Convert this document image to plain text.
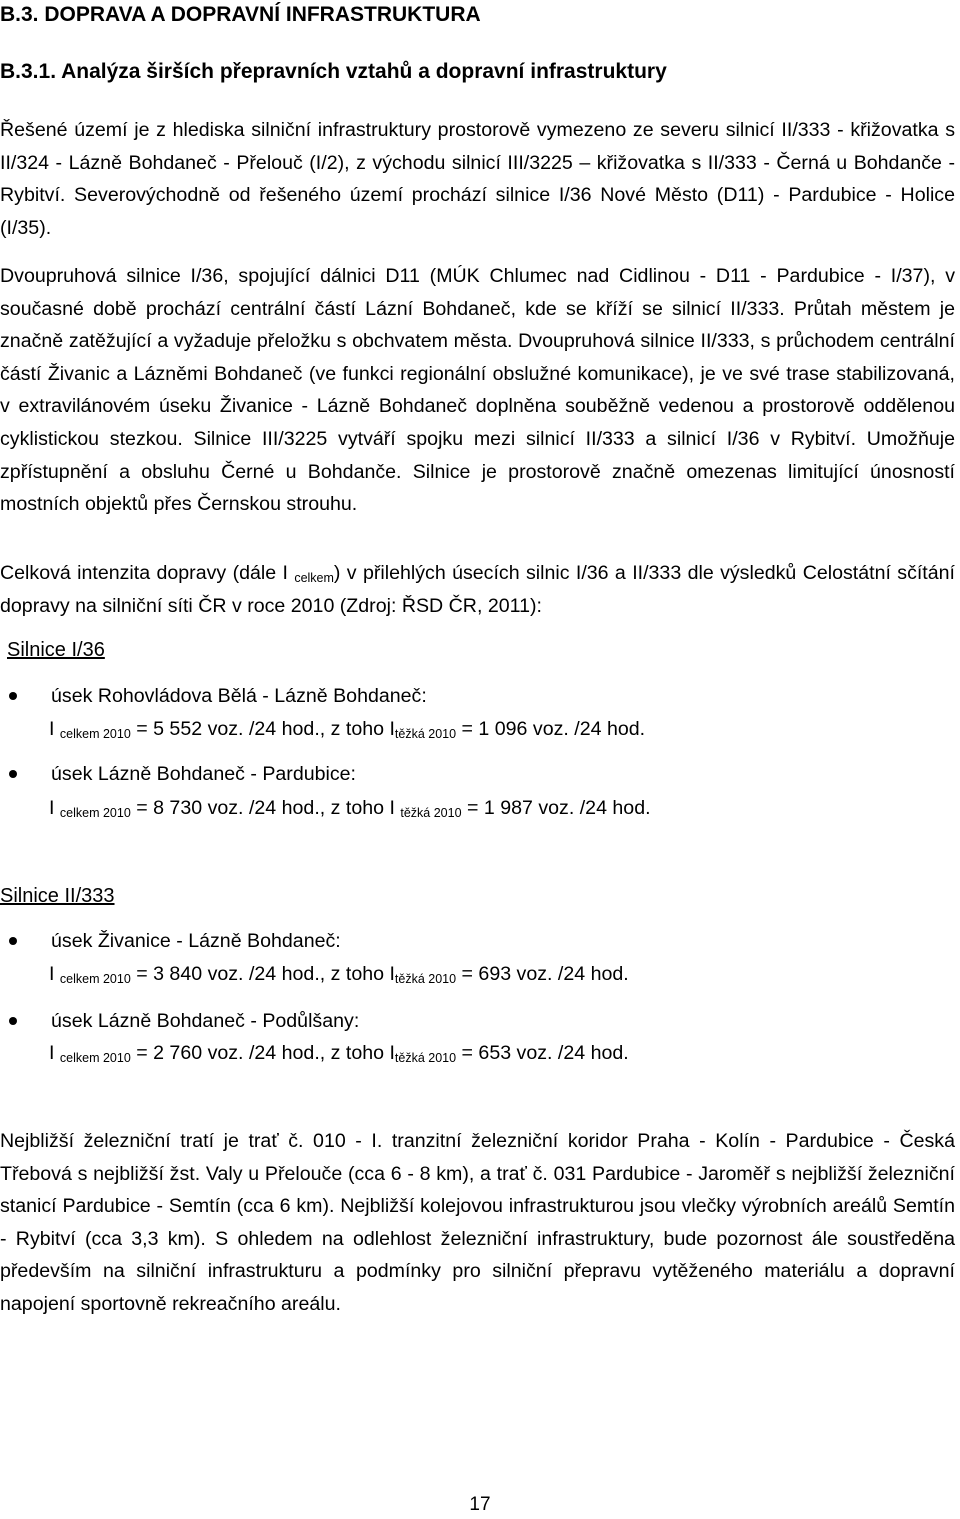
B.3. DOPRAVA A DOPRAVNÍ INFRASTRUKTURA
B.3.1. Analýza širších přepravních vztahů a dopravní infrastruktury

Řešené území je z hlediska silniční infrastruktury prostorově vymezeno ze severu silnicí II/333 - křižovatka s II/324 - Lázně Bohdaneč - Přelouč (I/2), z východu silnicí III/3225 – křižovatka s II/333 - Černá u Bohdanče - Rybitví. Severovýchodně od řešeného území prochází silnice I/36 Nové Město (D11) - Pardubice - Holice (I/35).

Dvoupruhová silnice I/36, spojující dálnici D11 (MÚK Chlumec nad Cidlinou - D11 - Pardubice - I/37), v současné době prochází centrální částí Lázní Bohdaneč, kde se kříží se silnicí II/333. Průtah městem je značně zatěžující a vyžaduje přeložku s obchvatem města. Dvoupruhová silnice II/333, s průchodem centrální částí Živanic a Lázněmi Bohdaneč (ve funkci regionální obslužné komunikace), je ve své trase stabilizovaná, v extravilánovém úseku Živanice - Lázně Bohdaneč doplněna souběžně vedenou a prostorově oddělenou cyklistickou stezkou. Silnice III/3225 vytváří spojku mezi silnicí II/333 a silnicí I/36 v Rybitví. Umožňuje zpřístupnění a obsluhu Černé u Bohdanče. Silnice je prostorově značně omezenas limitující únosností mostních objektů přes Černskou strouhu.

Celková intenzita dopravy (dále I $_{celkem}$) v přilehlých úsecích silnic I/36 a II/333 dle výsledků Celostátní sčítání dopravy na silniční síti ČR v roce 2010 (Zdroj: ŘSD ČR, 2011):

Silnice I/36
úsek Rohovládova Bělá - Lázně Bohdaneč:
I $_{celkem 2010}$ = 5 552 voz. /24 hod., z toho $I_{těžká 2010} = 1$ 096 voz. /24 hod.
úsek Lázně Bohdaneč - Pardubice:
I $_{celkem 2010}$ = 8 730 voz. /24 hod., z toho I $_{těžká 2010}$ = 1 987 voz. /24 hod.
Silnice II/333
úsek Živanice - Lázně Bohdaneč:
I $_{celkem 2010}$ = 3 840 voz. /24 hod., z toho $I_{těžká 2010} = 693$ voz. /24 hod.
úsek Lázně Bohdaneč - Podůlšany:
I $_{celkem 2010}$ = 2 760 voz. /24 hod., z toho $I_{těžká 2010} = 653$ voz. /24 hod.

Nejbližší železniční tratí je trať č. 010 - I. tranzitní železniční koridor Praha - Kolín - Pardubice - Česká Třebová s nejbližší žst. Valy u Přelouče (cca 6 - 8 km), a trať č. 031 Pardubice - Jaroměř s nejbližší železniční stanicí Pardubice - Semtín (cca 6 km). Nejbližší kolejovou infrastrukturou jsou vlečky výrobních areálů Semtín - Rybitví (cca 3,3 km). S ohledem na odlehlost železniční infrastruktury, bude pozornost ále soustředěna především na silniční infrastrukturu a podmínky pro silniční přepravu vytěženého materiálu a dopravní napojení sportovně rekreačního areálu.

17
